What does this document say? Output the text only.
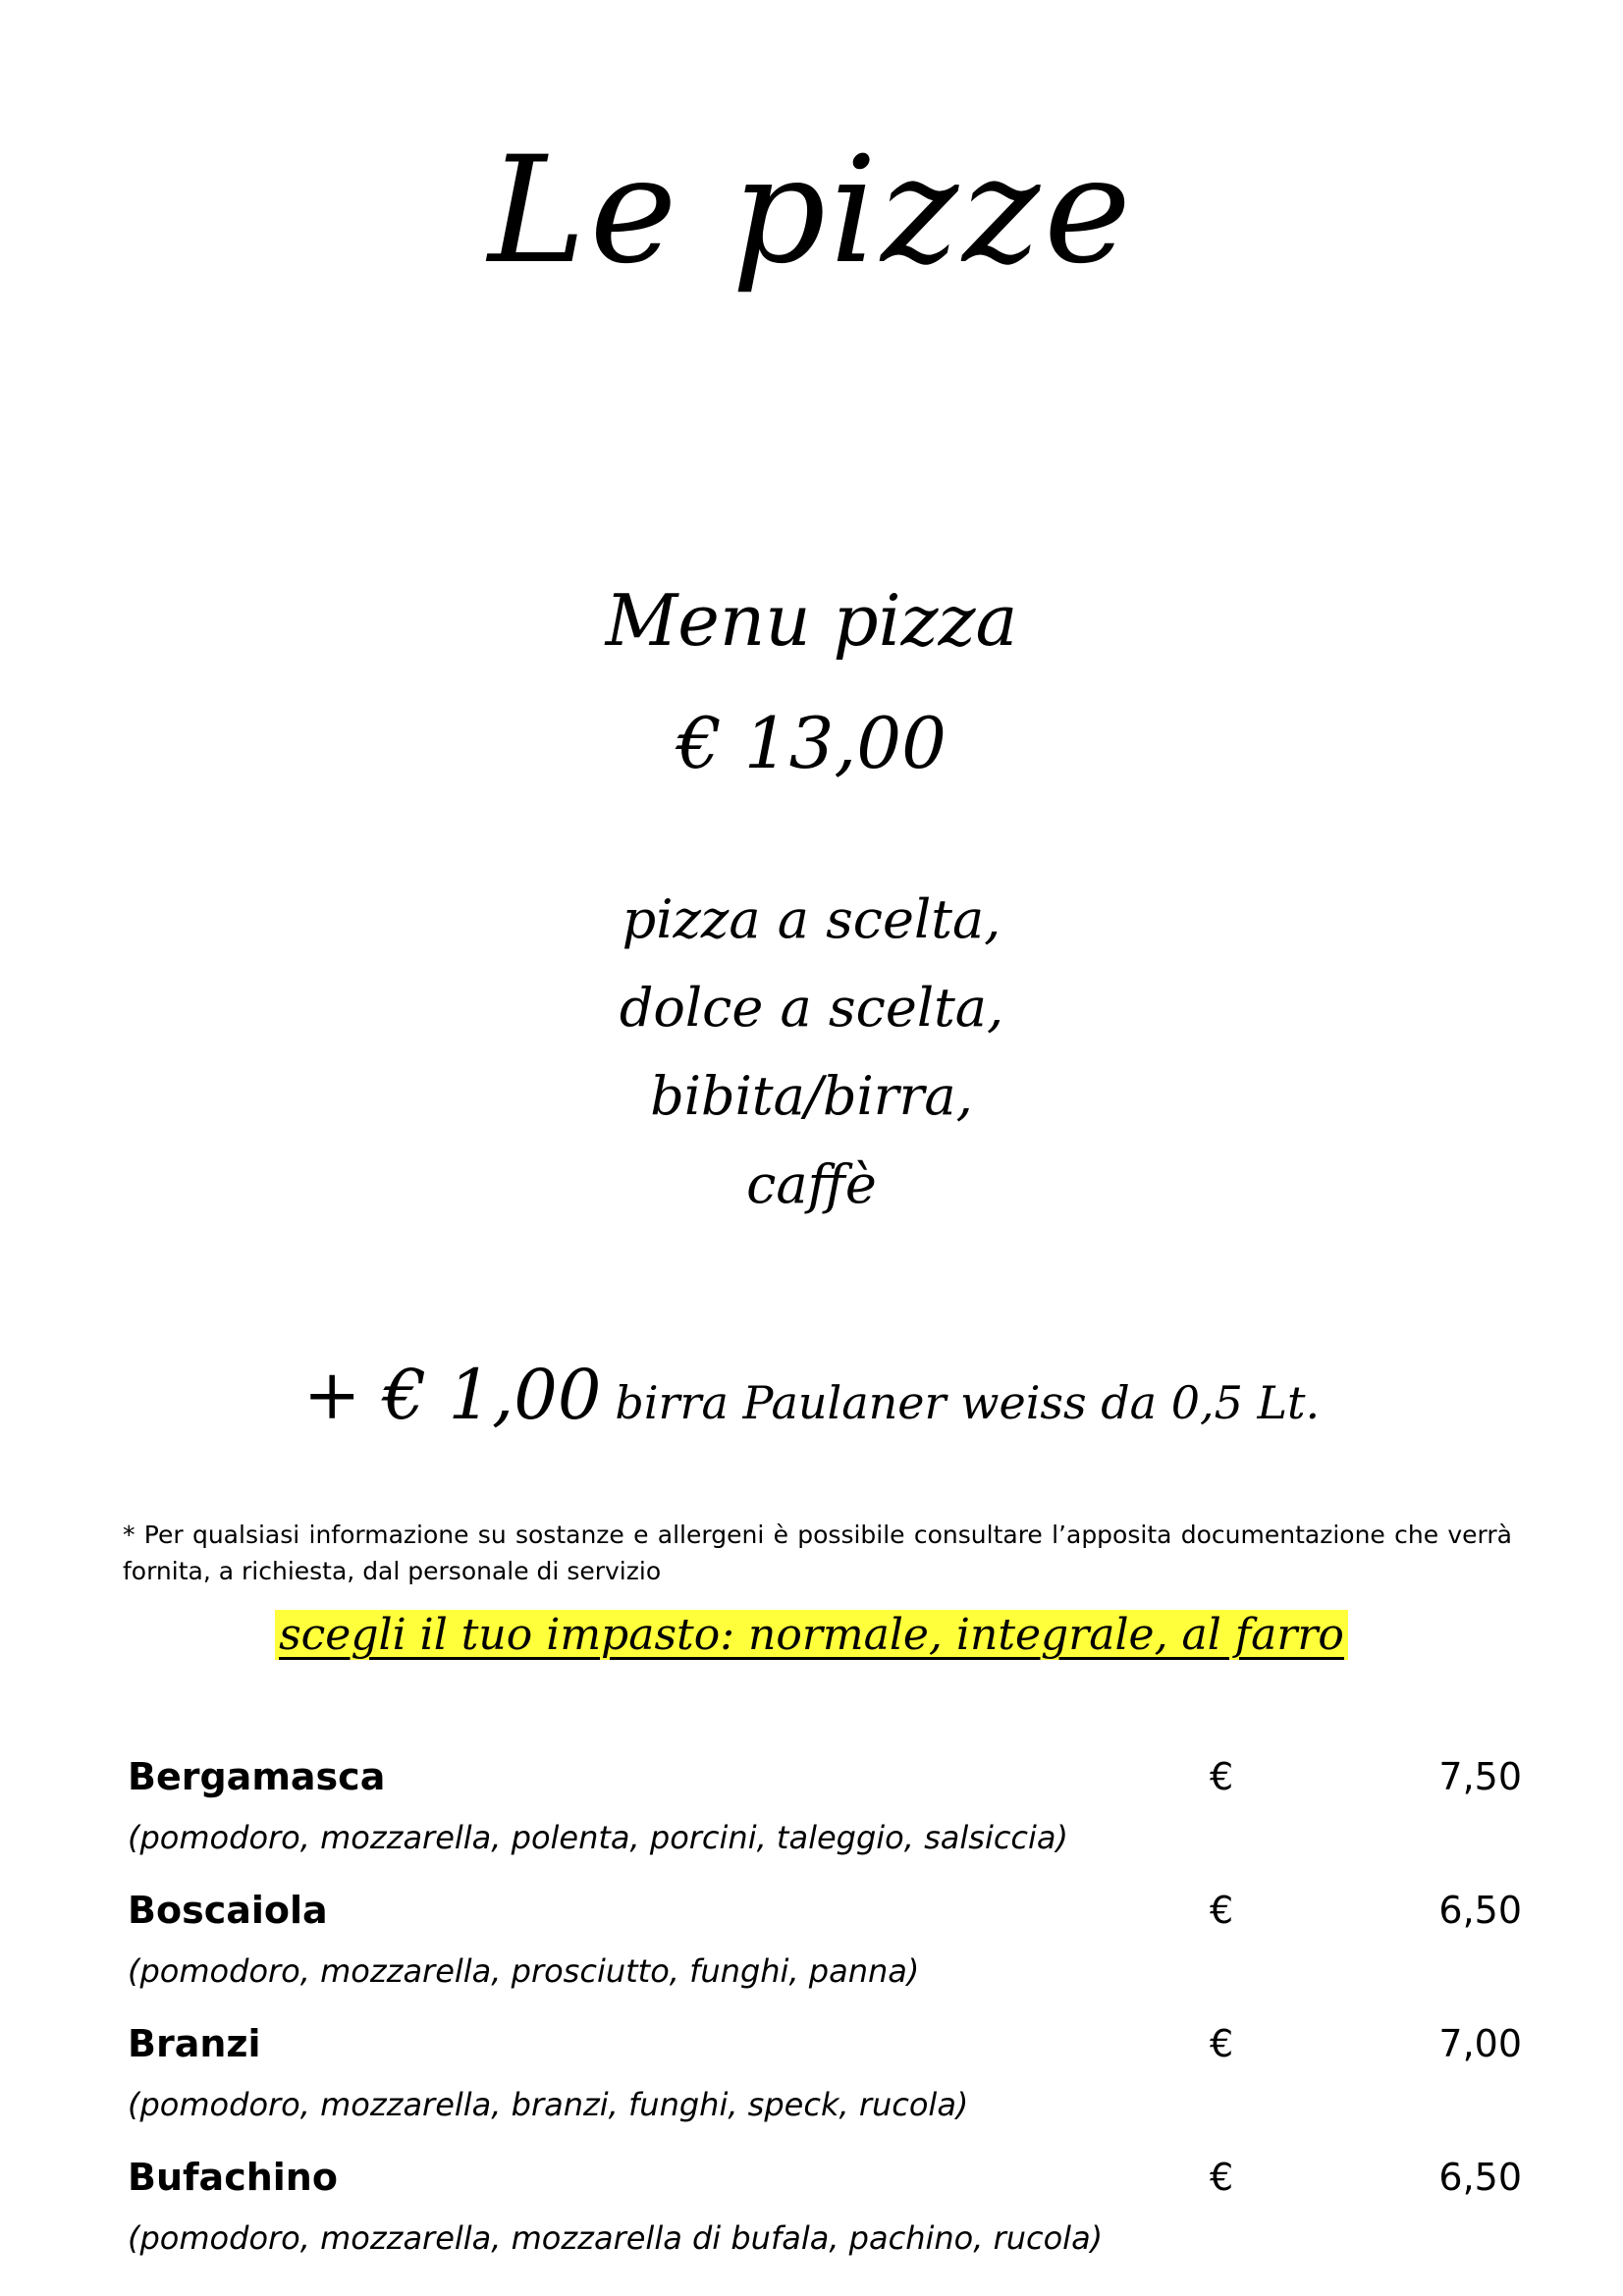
Le pizze
Menu pizza
€ 13,00
pizza a scelta,
dolce a scelta,
bibita/birra,
caffè
+ € 1,00 birra Paulaner weiss da 0,5 Lt.
* Per qualsiasi informazione su sostanze e allergeni è possibile consultare l’apposita documentazione che verrà fornita, a richiesta, dal personale di servizio
scegli il tuo impasto: normale, integrale, al farro
Bergamasca	€	7,50
(pomodoro, mozzarella, polenta, porcini, taleggio, salsiccia)
Boscaiola	€	6,50
(pomodoro, mozzarella, prosciutto, funghi, panna)
Branzi	€	7,00
(pomodoro, mozzarella, branzi, funghi, speck, rucola)
Bufachino	€	6,50
(pomodoro, mozzarella, mozzarella di bufala, pachino, rucola)
